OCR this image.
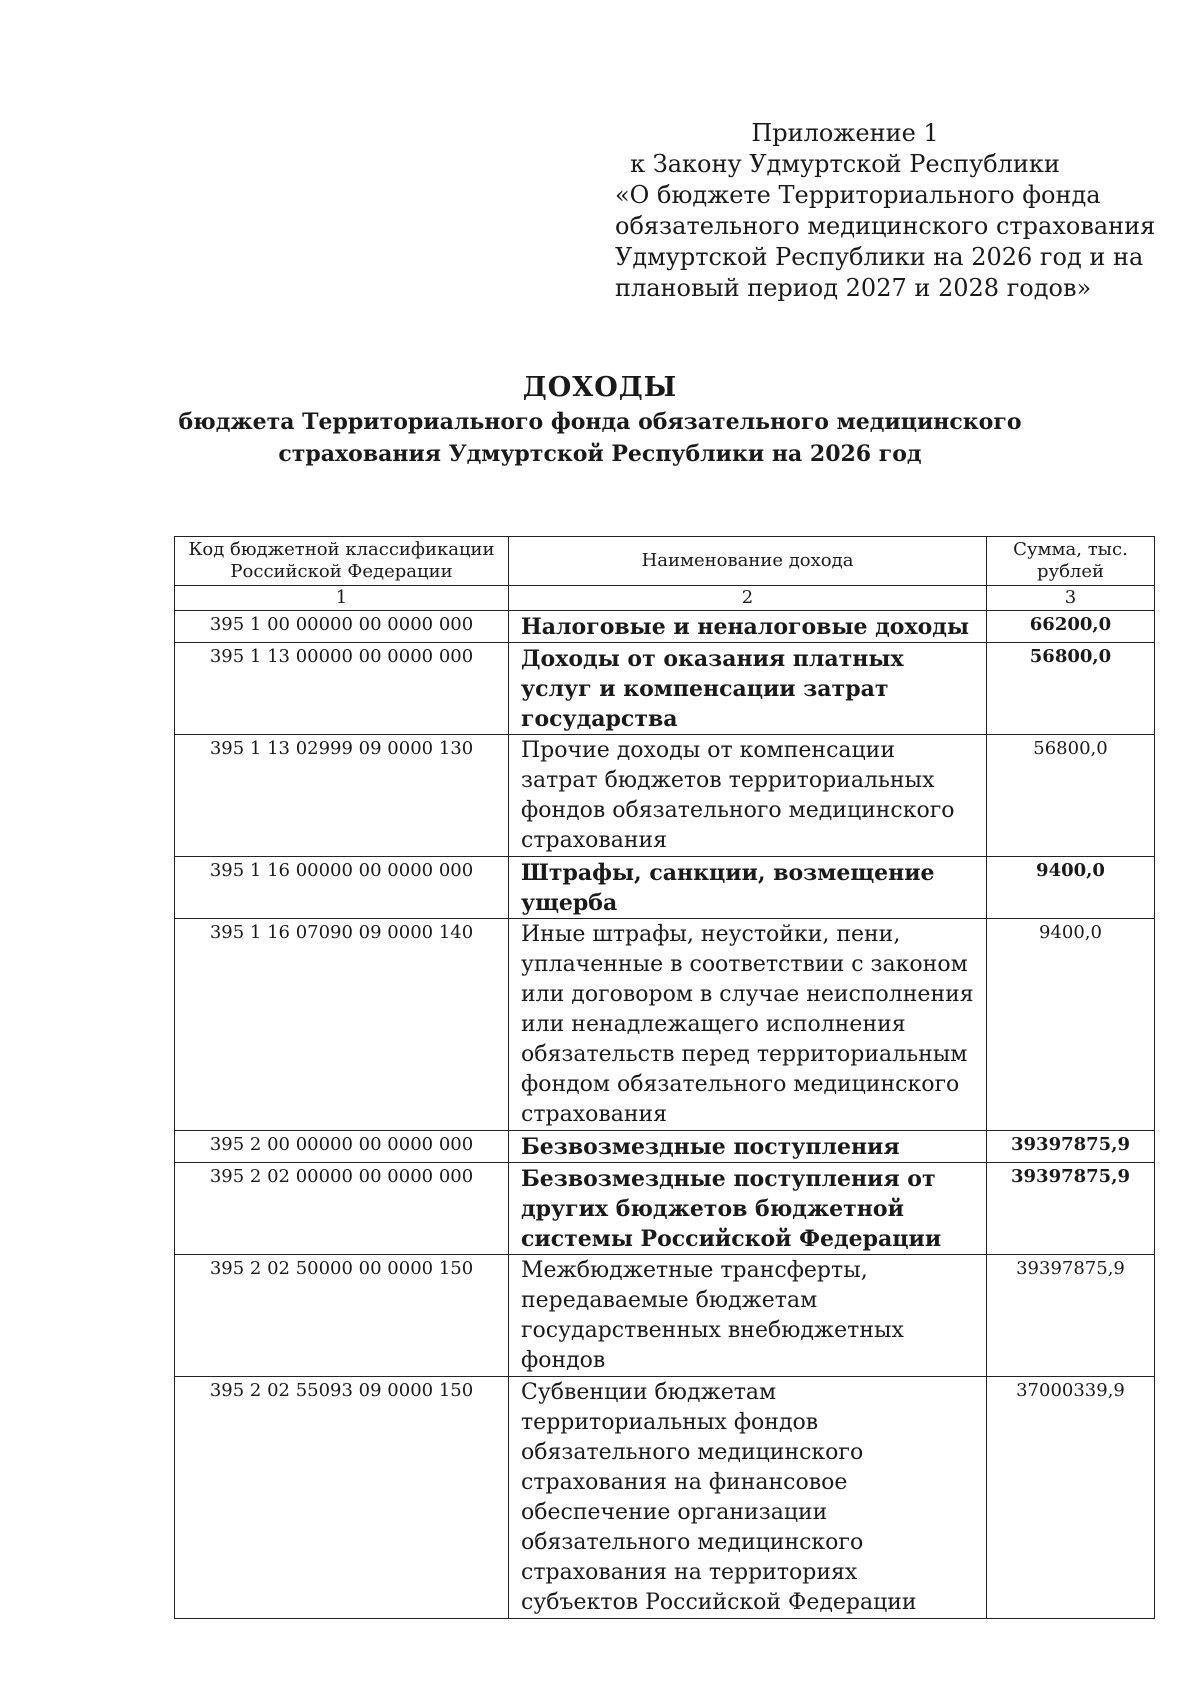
Приложение 1
к Закону Удмуртской Республики
«О бюджете Территориального фонда
обязательного медицинского страхования
Удмуртской Республики на 2026 год и на
плановый период 2027 и 2028 годов»
ДОХОДЫ
бюджета Территориального фонда обязательного медицинского
страхования Удмуртской Республики на 2026 год
Код бюджетной классификации Российской Федерации	Наименование дохода	Сумма, тыс. рублей
1	2	3
395 1 00 00000 00 0000 000	Налоговые и неналоговые доходы	66200,0
395 1 13 00000 00 0000 000	Доходы от оказания платных услуг и компенсации затрат государства	56800,0
395 1 13 02999 09 0000 130	Прочие доходы от компенсации затрат бюджетов территориальных фондов обязательного медицинского страхования	56800,0
395 1 16 00000 00 0000 000	Штрафы, санкции, возмещение ущерба	9400,0
395 1 16 07090 09 0000 140	Иные штрафы, неустойки, пени, уплаченные в соответствии с законом или договором в случае неисполнения или ненадлежащего исполнения обязательств перед территориальным фондом обязательного медицинского страхования	9400,0
395 2 00 00000 00 0000 000	Безвозмездные поступления	39397875,9
395 2 02 00000 00 0000 000	Безвозмездные поступления от других бюджетов бюджетной системы Российской Федерации	39397875,9
395 2 02 50000 00 0000 150	Межбюджетные трансферты, передаваемые бюджетам государственных внебюджетных фондов	39397875,9
395 2 02 55093 09 0000 150	Субвенции бюджетам территориальных фондов обязательного медицинского страхования на финансовое обеспечение организации обязательного медицинского страхования на территориях субъектов Российской Федерации	37000339,9
